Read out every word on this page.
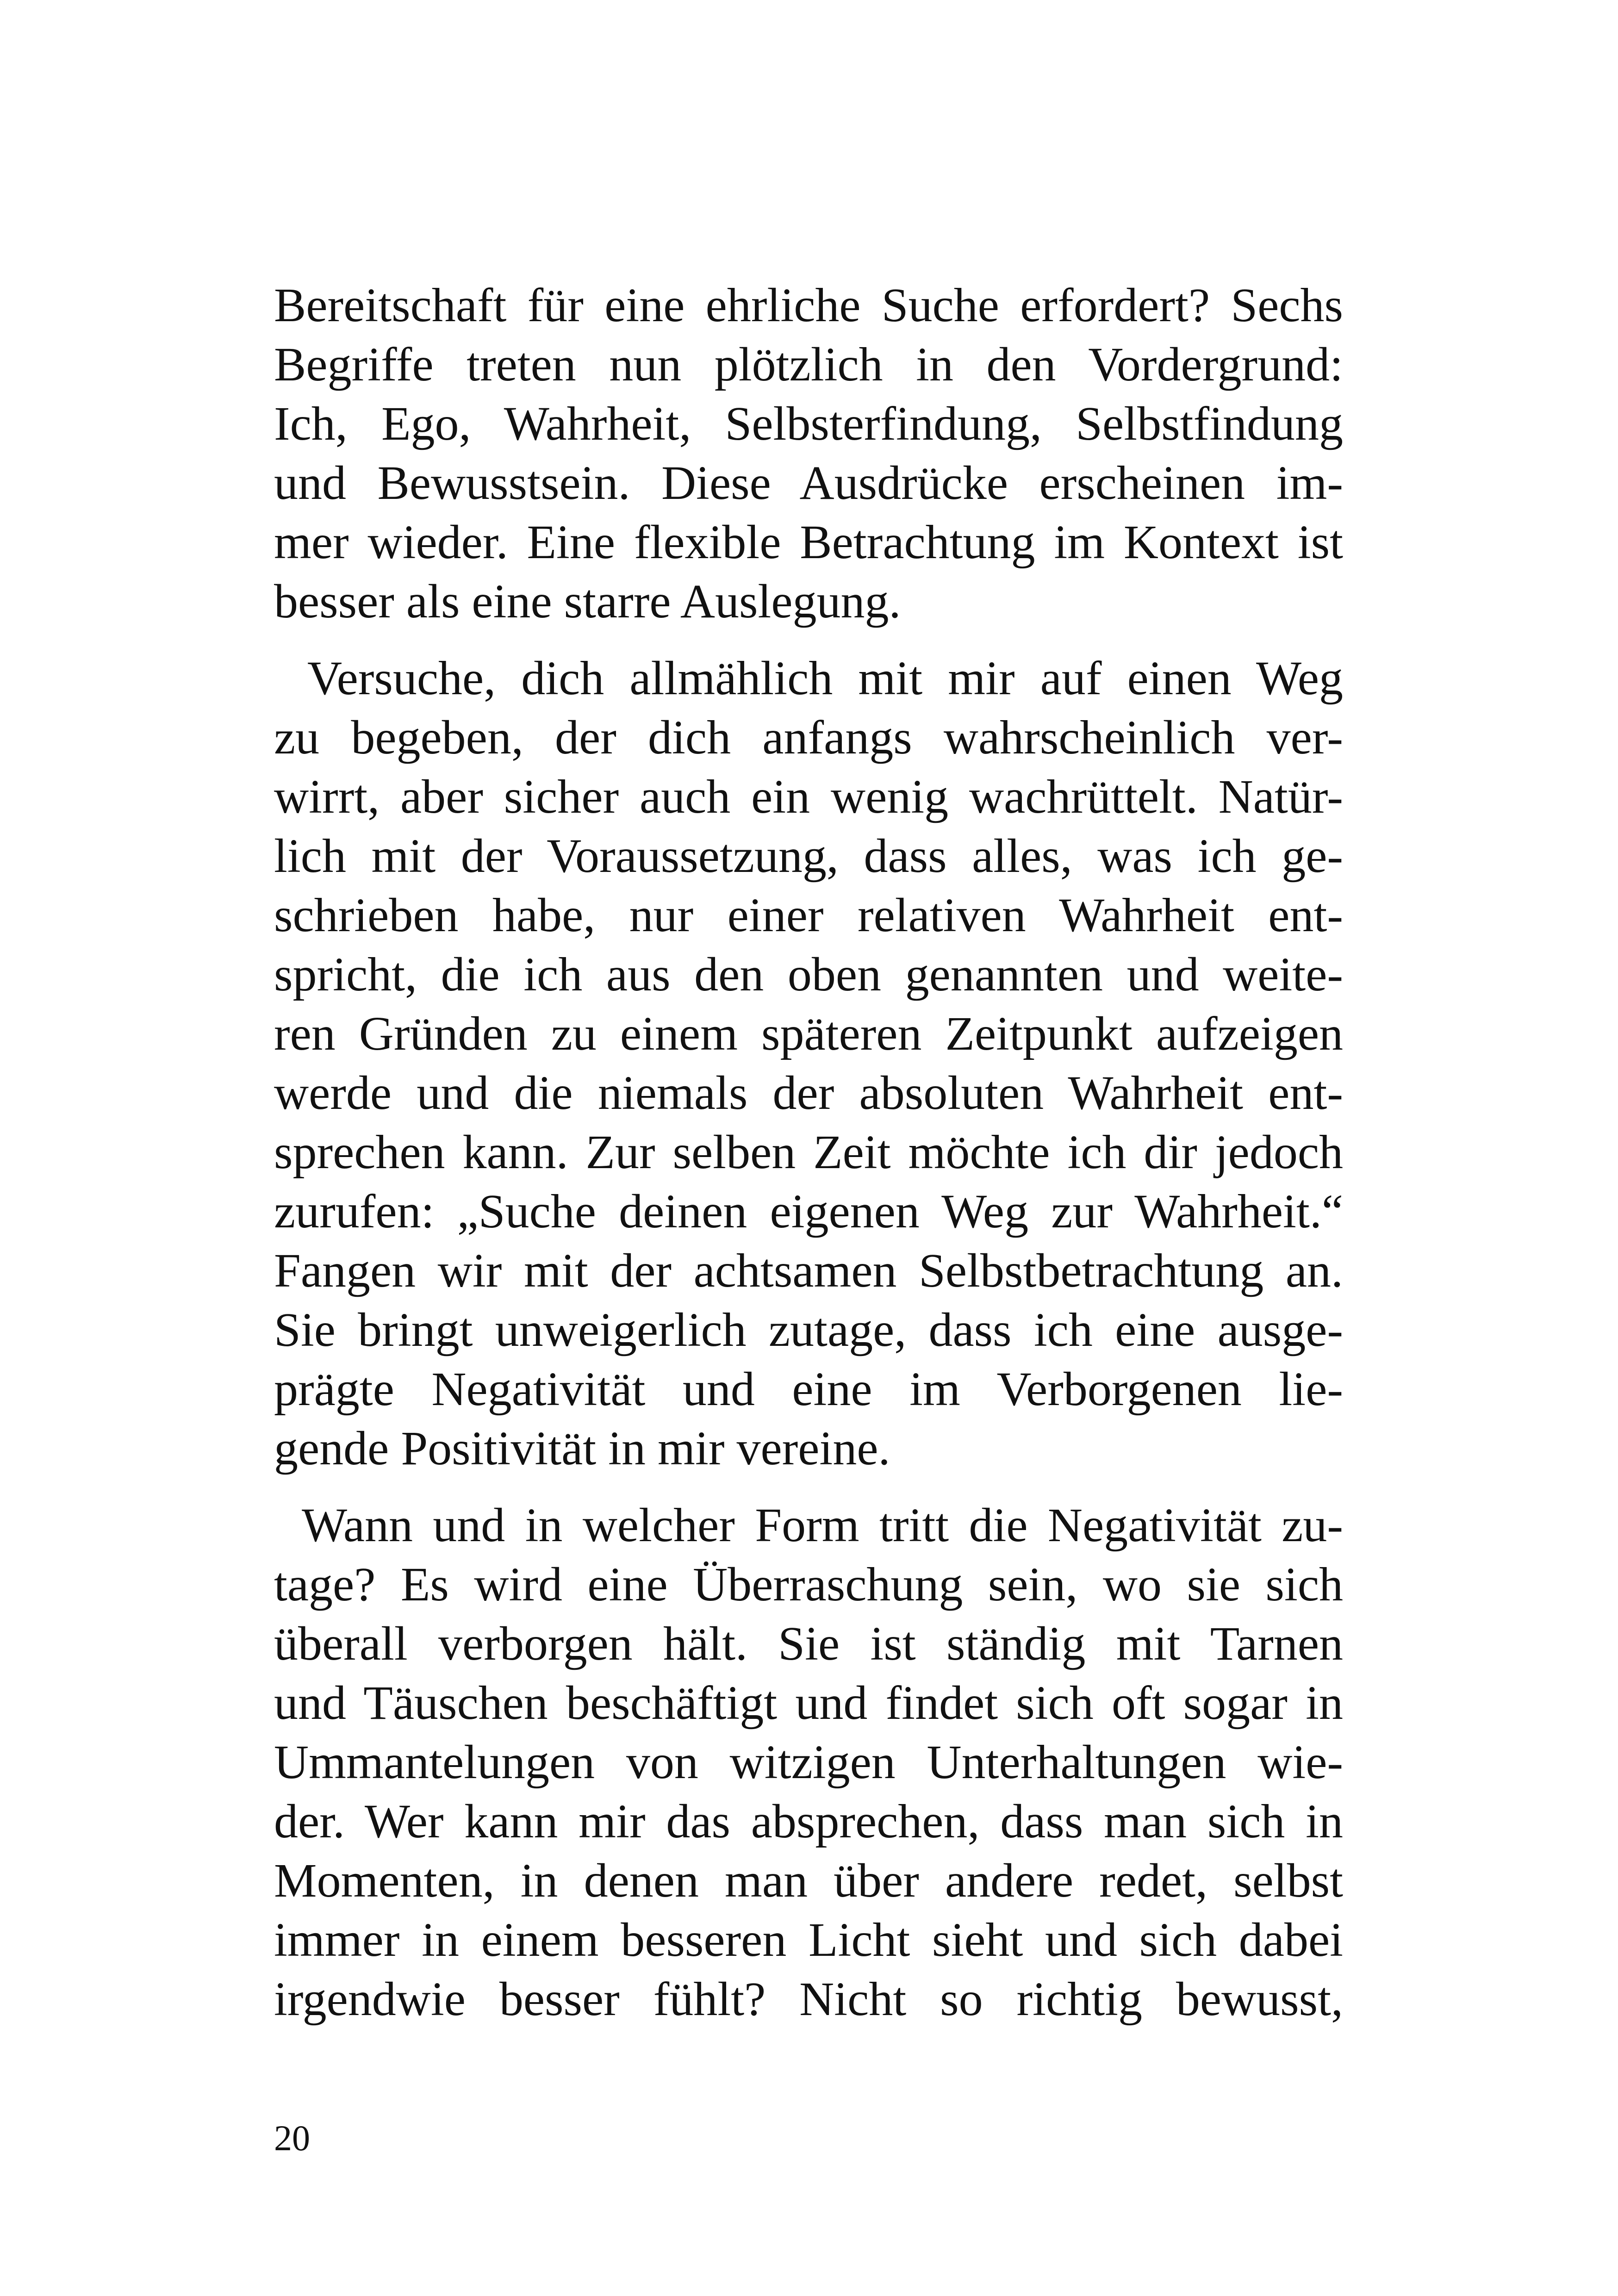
Bereitschaft für eine ehrliche Suche erfordert? Sechs
Begriffe treten nun plötzlich in den Vordergrund:
Ich, Ego, Wahrheit, Selbsterfindung, Selbstfindung
und Bewusstsein. Diese Ausdrücke erscheinen im-
mer wieder. Eine flexible Betrachtung im Kontext ist
besser als eine starre Auslegung.
Versuche, dich allmählich mit mir auf einen Weg
zu begeben, der dich anfangs wahrscheinlich ver-
wirrt, aber sicher auch ein wenig wachrüttelt. Natür-
lich mit der Voraussetzung, dass alles, was ich ge-
schrieben habe, nur einer relativen Wahrheit ent-
spricht, die ich aus den oben genannten und weite-
ren Gründen zu einem späteren Zeitpunkt aufzeigen
werde und die niemals der absoluten Wahrheit ent-
sprechen kann. Zur selben Zeit möchte ich dir jedoch
zurufen: „Suche deinen eigenen Weg zur Wahrheit.“
Fangen wir mit der achtsamen Selbstbetrachtung an.
Sie bringt unweigerlich zutage, dass ich eine ausge-
prägte Negativität und eine im Verborgenen lie-
gende Positivität in mir vereine.
Wann und in welcher Form tritt die Negativität zu-
tage? Es wird eine Überraschung sein, wo sie sich
überall verborgen hält. Sie ist ständig mit Tarnen
und Täuschen beschäftigt und findet sich oft sogar in
Ummantelungen von witzigen Unterhaltungen wie-
der. Wer kann mir das absprechen, dass man sich in
Momenten, in denen man über andere redet, selbst
immer in einem besseren Licht sieht und sich dabei
irgendwie besser fühlt? Nicht so richtig bewusst,
20
